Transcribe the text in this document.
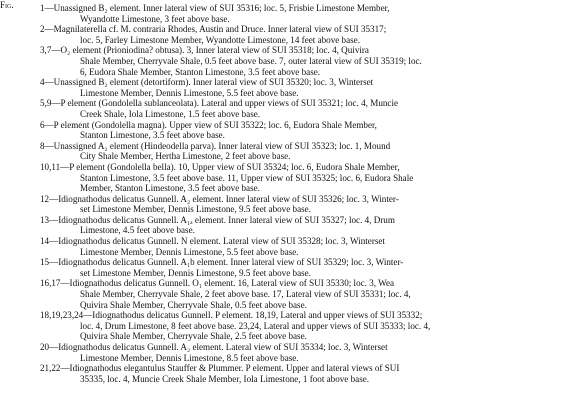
Fig.	1—Unassigned B₂ element. Inner lateral view of SUI 35316; loc. 5, Frisbie Limestone Member,
Wyandotte Limestone, 3 feet above base.
2—Magnilaterella cf. M. contraria Rhodes, Austin and Druce. Inner lateral view of SUI 35317;
loc. 5, Farley Limestone Member, Wyandotte Limestone, 14 feet above base.
3,7—O₂ element (Prioniodina? obtusa). 3, Inner lateral view of SUI 35318; loc. 4, Quivira
Shale Member, Cherryvale Shale, 0.5 feet above base. 7, outer lateral view of SUI 35319; loc.
6, Eudora Shale Member, Stanton Limestone, 3.5 feet above base.
4—Unassigned B₂ element (detortiform). Inner lateral view of SUI 35320; loc. 3, Winterset
Limestone Member, Dennis Limestone, 5.5 feet above base.
5,9—P element (Gondolella sublanceolata). Lateral and upper views of SUI 35321; loc. 4, Muncie
Creek Shale, Iola Limestone, 1.5 feet above base.
6—P element (Gondolella magna). Upper view of SUI 35322; loc. 6, Eudora Shale Member,
Stanton Limestone, 3.5 feet above base.
8—Unassigned A₂ element (Hindeodella parva). Inner lateral view of SUI 35323; loc. 1, Mound
City Shale Member, Hertha Limestone, 2 feet above base.
10,11—P element (Gondolella bella). 10, Upper view of SUI 35324; loc. 6, Eudora Shale Member,
Stanton Limestone, 3.5 feet above base. 11, Upper view of SUI 35325; loc. 6, Eudora Shale
Member, Stanton Limestone, 3.5 feet above base.
12—Idiognathodus delicatus Gunnell. A₂ element. Inner lateral view of SUI 35326; loc. 3, Winter-
set Limestone Member, Dennis Limestone, 9.5 feet above base.
13—Idiognathodus delicatus Gunnell. A₁ₐ element. Inner lateral view of SUI 35327; loc. 4, Drum
Limestone, 4.5 feet above base.
14—Idiognathodus delicatus Gunnell. N element. Lateral view of SUI 35328; loc. 3, Winterset
Limestone Member, Dennis Limestone, 5.5 feet above base.
15—Idiognathodus delicatus Gunnell. A₁b element. Inner lateral view of SUI 35329; loc. 3, Winter-
set Limestone Member, Dennis Limestone, 9.5 feet above base.
16,17—Idiognathodus delicatus Gunnell. O₁ element. 16, Lateral view of SUI 35330; loc. 3, Wea
Shale Member, Cherryvale Shale, 2 feet above base. 17, Lateral view of SUI 35331; loc. 4,
Quivira Shale Member, Cherryvale Shale, 0.5 feet above base.
18,19,23,24—Idiognathodus delicatus Gunnell. P element. 18,19, Lateral and upper views of SUI 35332;
loc. 4, Drum Limestone, 8 feet above base. 23,24, Lateral and upper views of SUI 35333; loc. 4,
Quivira Shale Member, Cherryvale Shale, 2.5 feet above base.
20—Idiognathodus delicatus Gunnell. A₂ element. Lateral view of SUI 35334; loc. 3, Winterset
Limestone Member, Dennis Limestone, 8.5 feet above base.
21,22—Idiognathodus elegantulus Stauffer & Plummer. P element. Upper and lateral views of SUI
35335, loc. 4, Muncie Creek Shale Member, Iola Limestone, 1 foot above base.
